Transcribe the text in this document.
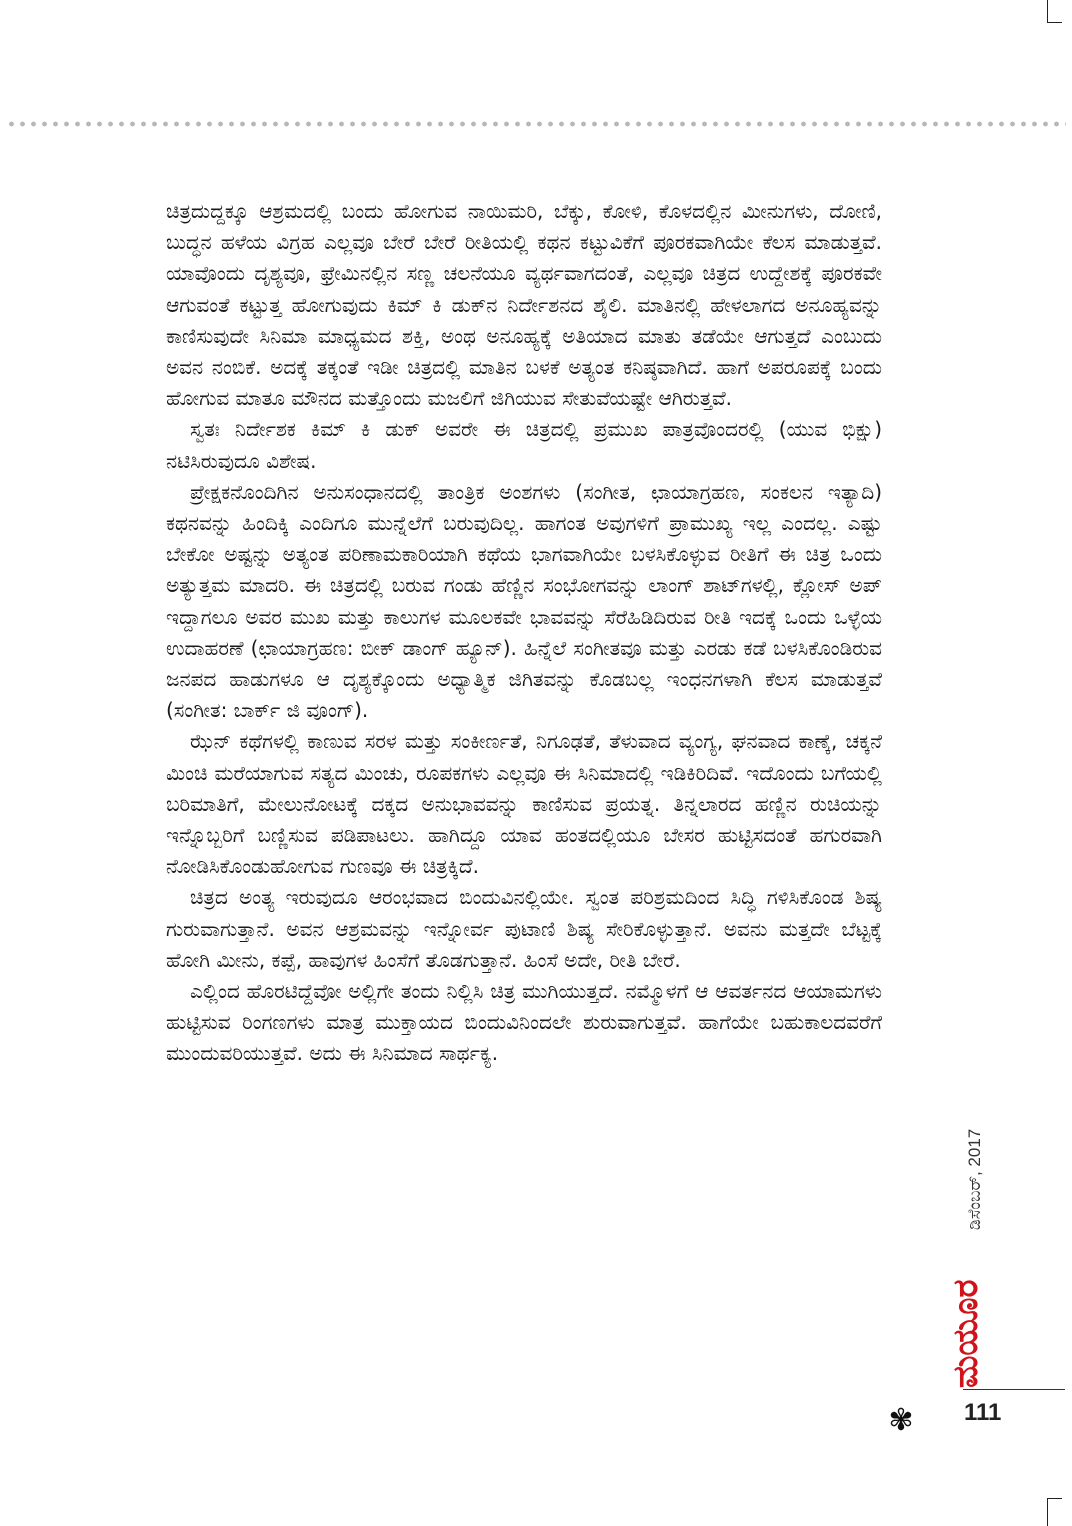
ಚಿತ್ರದುದ್ದಕ್ಕೂ ಆಶ್ರಮದಲ್ಲಿ ಬಂದು ಹೋಗುವ ನಾಯಿಮರಿ, ಬೆಕ್ಕು, ಕೋಳಿ, ಕೊಳದಲ್ಲಿನ ಮೀನುಗಳು, ದೋಣಿ, ಬುದ್ಧನ ಹಳೆಯ ವಿಗ್ರಹ ಎಲ್ಲವೂ ಬೇರೆ ಬೇರೆ ರೀತಿಯಲ್ಲಿ ಕಥನ ಕಟ್ಟುವಿಕೆಗೆ ಪೂರಕವಾಗಿಯೇ ಕೆಲಸ ಮಾಡುತ್ತವೆ. ಯಾವೊಂದು ದೃಶ್ಯವೂ, ಫ್ರೇಮಿನಲ್ಲಿನ ಸಣ್ಣ ಚಲನೆಯೂ ವ್ಯರ್ಥವಾಗದಂತೆ, ಎಲ್ಲವೂ ಚಿತ್ರದ ಉದ್ದೇಶಕ್ಕೆ ಪೂರಕವೇ ಆಗುವಂತೆ ಕಟ್ಟುತ್ತ ಹೋಗುವುದು ಕಿಮ್ ಕಿ ಡುಕ್‌ನ ನಿರ್ದೇಶನದ ಶೈಲಿ. ಮಾತಿನಲ್ಲಿ ಹೇಳಲಾಗದ ಅನೂಹ್ಯವನ್ನು ಕಾಣಿಸುವುದೇ ಸಿನಿಮಾ ಮಾಧ್ಯಮದ ಶಕ್ತಿ, ಅಂಥ ಅನೂಹ್ಯಕ್ಕೆ ಅತಿಯಾದ ಮಾತು ತಡೆಯೇ ಆಗುತ್ತದೆ ಎಂಬುದು ಅವನ ನಂಬಿಕೆ. ಅದಕ್ಕೆ ತಕ್ಕಂತೆ ಇಡೀ ಚಿತ್ರದಲ್ಲಿ ಮಾತಿನ ಬಳಕೆ ಅತ್ಯಂತ ಕನಿಷ್ಠವಾಗಿದೆ. ಹಾಗೆ ಅಪರೂಪಕ್ಕೆ ಬಂದು ಹೋಗುವ ಮಾತೂ ಮೌನದ ಮತ್ತೊಂದು ಮಜಲಿಗೆ ಜಿಗಿಯುವ ಸೇತುವೆಯಷ್ಟೇ ಆಗಿರುತ್ತವೆ.

ಸ್ವತಃ ನಿರ್ದೇಶಕ ಕಿಮ್ ಕಿ ಡುಕ್ ಅವರೇ ಈ ಚಿತ್ರದಲ್ಲಿ ಪ್ರಮುಖ ಪಾತ್ರವೊಂದರಲ್ಲಿ (ಯುವ ಭಿಕ್ಷು) ನಟಿಸಿರುವುದೂ ವಿಶೇಷ.

ಪ್ರೇಕ್ಷಕನೊಂದಿಗಿನ ಅನುಸಂಧಾನದಲ್ಲಿ ತಾಂತ್ರಿಕ ಅಂಶಗಳು (ಸಂಗೀತ, ಛಾಯಾಗ್ರಹಣ, ಸಂಕಲನ ಇತ್ಯಾದಿ) ಕಥನವನ್ನು ಹಿಂದಿಕ್ಕಿ ಎಂದಿಗೂ ಮುನ್ನೆಲೆಗೆ ಬರುವುದಿಲ್ಲ. ಹಾಗಂತ ಅವುಗಳಿಗೆ ಪ್ರಾಮುಖ್ಯ ಇಲ್ಲ ಎಂದಲ್ಲ. ಎಷ್ಟು ಬೇಕೋ ಅಷ್ಟನ್ನು ಅತ್ಯಂತ ಪರಿಣಾಮಕಾರಿಯಾಗಿ ಕಥೆಯ ಭಾಗವಾಗಿಯೇ ಬಳಸಿಕೊಳ್ಳುವ ರೀತಿಗೆ ಈ ಚಿತ್ರ ಒಂದು ಅತ್ಯುತ್ತಮ ಮಾದರಿ. ಈ ಚಿತ್ರದಲ್ಲಿ ಬರುವ ಗಂಡು ಹೆಣ್ಣಿನ ಸಂಭೋಗವನ್ನು ಲಾಂಗ್ ಶಾಟ್‌ಗಳಲ್ಲಿ, ಕ್ಲೋಸ್ ಅಪ್ ಇದ್ದಾಗಲೂ ಅವರ ಮುಖ ಮತ್ತು ಕಾಲುಗಳ ಮೂಲಕವೇ ಭಾವವನ್ನು ಸೆರೆಹಿಡಿದಿರುವ ರೀತಿ ಇದಕ್ಕೆ ಒಂದು ಒಳ್ಳೆಯ ಉದಾಹರಣೆ (ಛಾಯಾಗ್ರಹಣ: ಬೀಕ್ ಡಾಂಗ್ ಹ್ಯೂನ್). ಹಿನ್ನೆಲೆ ಸಂಗೀತವೂ ಮತ್ತು ಎರಡು ಕಡೆ ಬಳಸಿಕೊಂಡಿರುವ ಜನಪದ ಹಾಡುಗಳೂ ಆ ದೃಶ್ಯಕ್ಕೊಂದು ಅಧ್ಯಾತ್ಮಿಕ ಜಿಗಿತವನ್ನು ಕೊಡಬಲ್ಲ ಇಂಧನಗಳಾಗಿ ಕೆಲಸ ಮಾಡುತ್ತವೆ (ಸಂಗೀತ: ಬಾರ್ಕ್ ಜಿ ವೂಂಗ್).

ಝೆನ್ ಕಥೆಗಳಲ್ಲಿ ಕಾಣುವ ಸರಳ ಮತ್ತು ಸಂಕೀರ್ಣತೆ, ನಿಗೂಢತೆ, ತೆಳುವಾದ ವ್ಯಂಗ್ಯ, ಘನವಾದ ಕಾಣ್ಕೆ, ಚಕ್ಕನೆ ಮಿಂಚಿ ಮರೆಯಾಗುವ ಸತ್ಯದ ಮಿಂಚು, ರೂಪಕಗಳು ಎಲ್ಲವೂ ಈ ಸಿನಿಮಾದಲ್ಲಿ ಇಡಿಕಿರಿದಿವೆ. ಇದೊಂದು ಬಗೆಯಲ್ಲಿ ಬರಿಮಾತಿಗೆ, ಮೇಲುನೋಟಕ್ಕೆ ದಕ್ಕದ ಅನುಭಾವವನ್ನು ಕಾಣಿಸುವ ಪ್ರಯತ್ನ. ತಿನ್ನಲಾರದ ಹಣ್ಣಿನ ರುಚಿಯನ್ನು ಇನ್ನೊಬ್ಬರಿಗೆ ಬಣ್ಣಿಸುವ ಪಡಿಪಾಟಲು. ಹಾಗಿದ್ದೂ ಯಾವ ಹಂತದಲ್ಲಿಯೂ ಬೇಸರ ಹುಟ್ಟಿಸದಂತೆ ಹಗುರವಾಗಿ ನೋಡಿಸಿಕೊಂಡುಹೋಗುವ ಗುಣವೂ ಈ ಚಿತ್ರಕ್ಕಿದೆ.

ಚಿತ್ರದ ಅಂತ್ಯ ಇರುವುದೂ ಆರಂಭವಾದ ಬಿಂದುವಿನಲ್ಲಿಯೇ. ಸ್ವಂತ ಪರಿಶ್ರಮದಿಂದ ಸಿದ್ಧಿ ಗಳಿಸಿಕೊಂಡ ಶಿಷ್ಯ ಗುರುವಾಗುತ್ತಾನೆ. ಅವನ ಆಶ್ರಮವನ್ನು ಇನ್ನೋರ್ವ ಪುಟಾಣಿ ಶಿಷ್ಯ ಸೇರಿಕೊಳ್ಳುತ್ತಾನೆ. ಅವನು ಮತ್ತದೇ ಬೆಟ್ಟಕ್ಕೆ ಹೋಗಿ ಮೀನು, ಕಪ್ಪೆ, ಹಾವುಗಳ ಹಿಂಸೆಗೆ ತೊಡಗುತ್ತಾನೆ. ಹಿಂಸೆ ಅದೇ, ರೀತಿ ಬೇರೆ.

ಎಲ್ಲಿಂದ ಹೊರಟಿದ್ದೆವೋ ಅಲ್ಲಿಗೇ ತಂದು ನಿಲ್ಲಿಸಿ ಚಿತ್ರ ಮುಗಿಯುತ್ತದೆ. ನಮ್ಮೊಳಗೆ ಆ ಆವರ್ತನದ ಆಯಾಮಗಳು ಹುಟ್ಟಿಸುವ ರಿಂಗಣಗಳು ಮಾತ್ರ ಮುಕ್ತಾಯದ ಬಿಂದುವಿನಿಂದಲೇ ಶುರುವಾಗುತ್ತವೆ. ಹಾಗೆಯೇ ಬಹುಕಾಲದವರೆಗೆ ಮುಂದುವರಿಯುತ್ತವೆ. ಅದು ಈ ಸಿನಿಮಾದ ಸಾರ್ಥಕ್ಯ.

ಡಿಸೆಂಬರ್, 2017
ಮಯೂರ
111
✾
